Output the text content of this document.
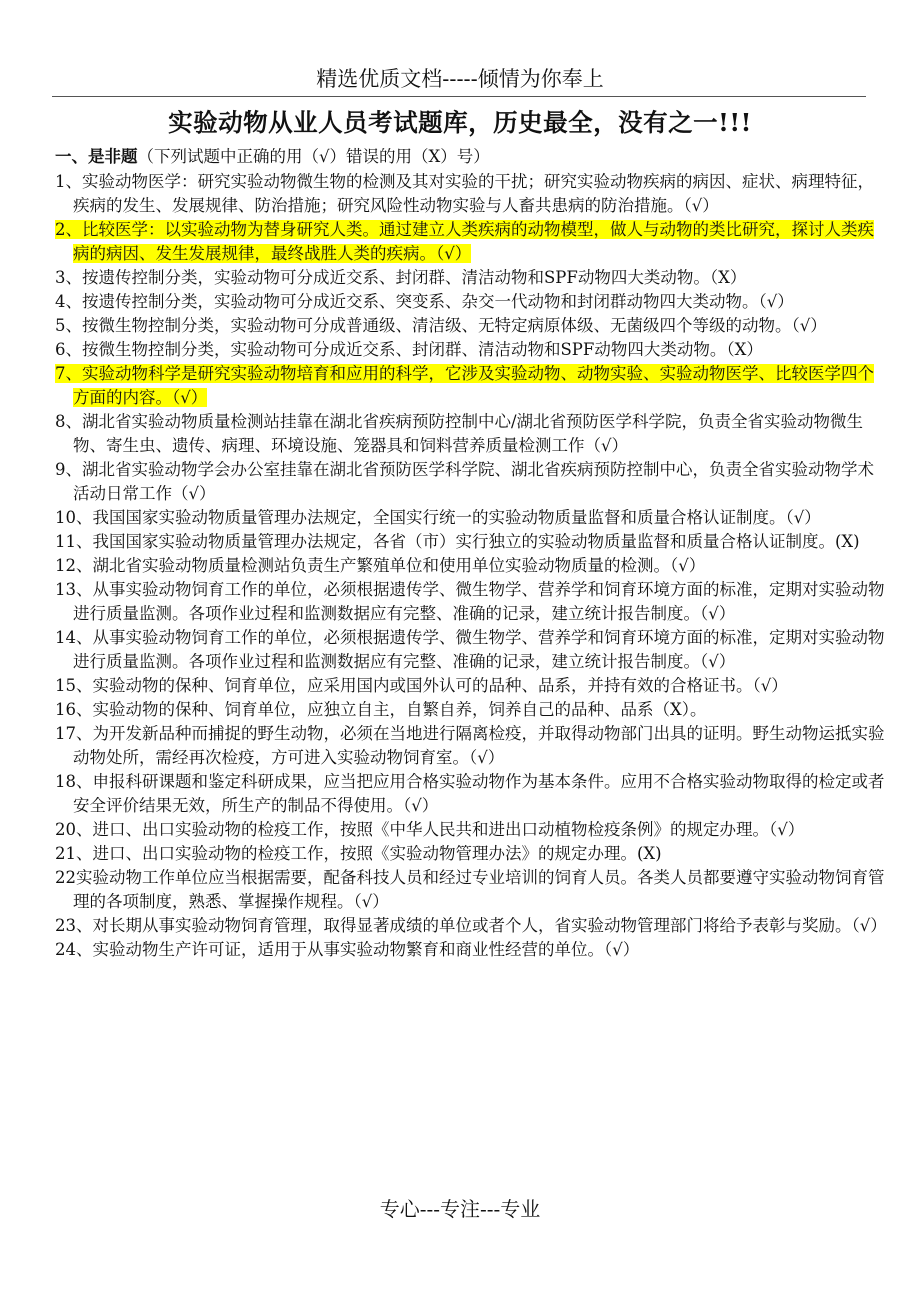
精选优质文档-----倾情为你奉上
实验动物从业人员考试题库，历史最全，没有之一!!!
一、是非题（下列试题中正确的用（√）错误的用（X）号）

1、实验动物医学：研究实验动物微生物的检测及其对实验的干扰；研究实验动物疾病的病因、症状、病理特征，疾病的发生、发展规律、防治措施；研究风险性动物实验与人畜共患病的防治措施。（√）

2、比较医学：以实验动物为替身研究人类。通过建立人类疾病的动物模型，做人与动物的类比研究，探讨人类疾病的病因、发生发展规律，最终战胜人类的疾病。（√）

3、按遗传控制分类，实验动物可分成近交系、封闭群、清洁动物和SPF动物四大类动物。（X）

4、按遗传控制分类，实验动物可分成近交系、突变系、杂交一代动物和封闭群动物四大类动物。（√）

5、按微生物控制分类，实验动物可分成普通级、清洁级、无特定病原体级、无菌级四个等级的动物。（√）

6、按微生物控制分类，实验动物可分成近交系、封闭群、清洁动物和SPF动物四大类动物。（X）

7、实验动物科学是研究实验动物培育和应用的科学，它涉及实验动物、动物实验、实验动物医学、比较医学四个方面的内容。（√）

8、湖北省实验动物质量检测站挂靠在湖北省疾病预防控制中心/湖北省预防医学科学院，负责全省实验动物微生物、寄生虫、遗传、病理、环境设施、笼器具和饲料营养质量检测工作（√）

9、湖北省实验动物学会办公室挂靠在湖北省预防医学科学院、湖北省疾病预防控制中心，负责全省实验动物学术活动日常工作（√）

10、我国国家实验动物质量管理办法规定，全国实行统一的实验动物质量监督和质量合格认证制度。（√）

11、我国国家实验动物质量管理办法规定，各省（市）实行独立的实验动物质量监督和质量合格认证制度。(X)

12、湖北省实验动物质量检测站负责生产繁殖单位和使用单位实验动物质量的检测。（√）

13、从事实验动物饲育工作的单位，必须根据遗传学、微生物学、营养学和饲育环境方面的标准，定期对实验动物进行质量监测。各项作业过程和监测数据应有完整、准确的记录，建立统计报告制度。（√）

14、从事实验动物饲育工作的单位，必须根据遗传学、微生物学、营养学和饲育环境方面的标准，定期对实验动物进行质量监测。各项作业过程和监测数据应有完整、准确的记录，建立统计报告制度。（√）

15、实验动物的保种、饲育单位，应采用国内或国外认可的品种、品系，并持有效的合格证书。（√）

16、实验动物的保种、饲育单位，应独立自主，自繁自养，饲养自己的品种、品系（X）。

17、为开发新品种而捕捉的野生动物，必须在当地进行隔离检疫，并取得动物部门出具的证明。野生动物运抵实验动物处所，需经再次检疫，方可进入实验动物饲育室。（√）

18、申报科研课题和鉴定科研成果，应当把应用合格实验动物作为基本条件。应用不合格实验动物取得的检定或者安全评价结果无效，所生产的制品不得使用。（√）

20、进口、出口实验动物的检疫工作，按照《中华人民共和进出口动植物检疫条例》的规定办理。（√）

21、进口、出口实验动物的检疫工作，按照《实验动物管理办法》的规定办理。(X)

22实验动物工作单位应当根据需要，配备科技人员和经过专业培训的饲育人员。各类人员都要遵守实验动物饲育管理的各项制度，熟悉、掌握操作规程。（√）

23、对长期从事实验动物饲育管理，取得显著成绩的单位或者个人，省实验动物管理部门将给予表彰与奖励。（√）

24、实验动物生产许可证，适用于从事实验动物繁育和商业性经营的单位。（√）

专心---专注---专业
